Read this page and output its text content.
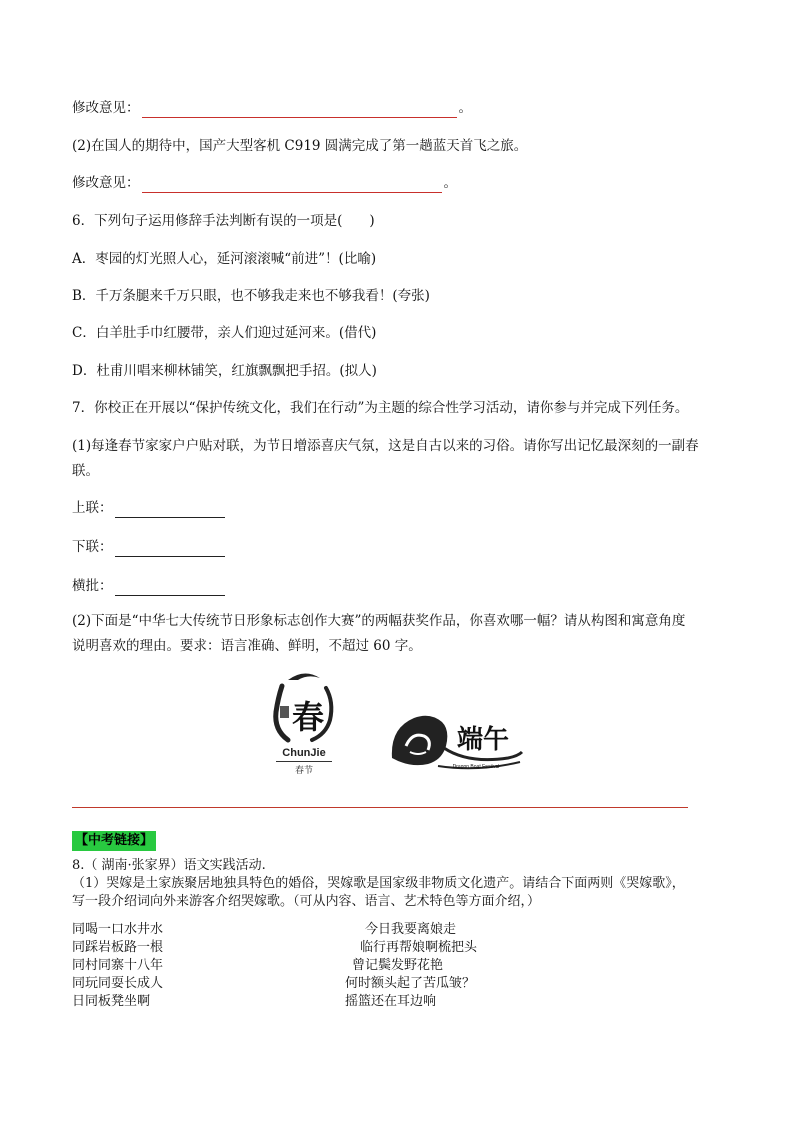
修改意见：	。
(2)在国人的期待中，国产大型客机 C919 圆满完成了第一趟蓝天首飞之旅。
修改意见：	。
6．下列句子运用修辞手法判断有误的一项是(　　)
A．枣园的灯光照人心，延河滚滚喊“前进”！(比喻)
B．千万条腿来千万只眼，也不够我走来也不够我看！(夸张)
C．白羊肚手巾红腰带，亲人们迎过延河来。(借代)
D．杜甫川唱来柳林铺笑，红旗飘飘把手招。(拟人)
7．你校正在开展以“保护传统文化，我们在行动”为主题的综合性学习活动，请你参与并完成下列任务。
(1)每逢春节家家户户贴对联，为节日增添喜庆气氛，这是自古以来的习俗。请你写出记忆最深刻的一副春
联。
上联：
下联：
横批：
(2)下面是“中华七大传统节日形象标志创作大赛”的两幅获奖作品，你喜欢哪一幅？请从构图和寓意角度
说明喜欢的理由。要求：语言准确、鲜明，不超过 60 字。
春
ChunJie
春节
端午
Dragon Boat Festival
【中考链接】
8.（ 湖南·张家界）语文实践活动.
（1）哭嫁是土家族聚居地独具特色的婚俗，哭嫁歌是国家级非物质文化遗产。请结合下面两则《哭嫁歌》，
写一段介绍词向外来游客介绍哭嫁歌。（可从内容、语言、艺术特色等方面介绍，）
同喝一口水井水
同踩岩板路一根
同村同寨十八年
同玩同耍长成人
日同板凳坐啊
今日我要离娘走
临行再帮娘啊梳把头
曾记鬓发野花艳
何时额头起了苦瓜皱？
摇篮还在耳边响
